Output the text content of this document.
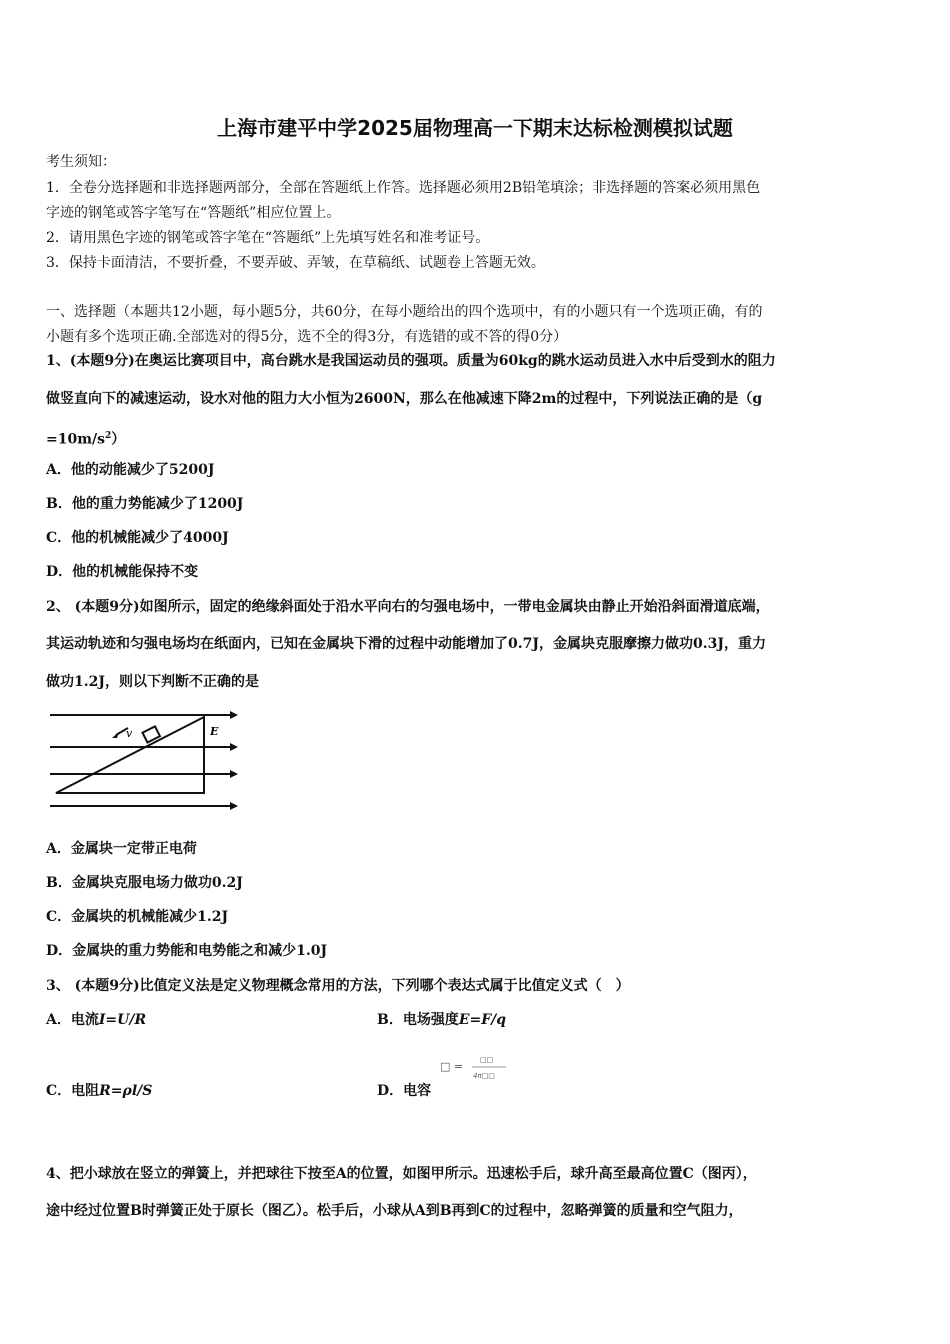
上海市建平中学2025届物理高一下期末达标检测模拟试题
考生须知：
1．全卷分选择题和非选择题两部分，全部在答题纸上作答。选择题必须用2B铅笔填涂；非选择题的答案必须用黑色
字迹的钢笔或答字笔写在“答题纸”相应位置上。
2．请用黑色字迹的钢笔或答字笔在“答题纸”上先填写姓名和准考证号。
3．保持卡面清洁，不要折叠，不要弄破、弄皱，在草稿纸、试题卷上答题无效。
一、选择题（本题共12小题，每小题5分，共60分，在每小题给出的四个选项中，有的小题只有一个选项正确，有的
小题有多个选项正确.全部选对的得5分，选不全的得3分，有选错的或不答的得0分）
1、(本题9分)在奥运比赛项目中，高台跳水是我国运动员的强项。质量为60kg的跳水运动员进入水中后受到水的阻力
做竖直向下的减速运动，设水对他的阻力大小恒为2600N，那么在他减速下降2m的过程中，下列说法正确的是（g
$=10m/s^2$）
A．他的动能减少了5200J
B．他的重力势能减少了1200J
C．他的机械能减少了4000J
D．他的机械能保持不变
2、 (本题9分)如图所示，固定的绝缘斜面处于沿水平向右的匀强电场中，一带电金属块由静止开始沿斜面滑道底端，
其运动轨迹和匀强电场均在纸面内，已知在金属块下滑的过程中动能增加了0.7J，金属块克服摩擦力做功0.3J，重力
做功1.2J，则以下判断不正确的是
v	E
A．金属块一定带正电荷
B．金属块克服电场力做功0.2J
C．金属块的机械能减少1.2J
D．金属块的重力势能和电势能之和减少1.0J
3、 (本题9分)比值定义法是定义物理概念常用的方法，下列哪个表达式属于比值定义式（　）
A．电流I=U/R	B．电场强度E=F/q
□ = □□
4π□□
C．电阻R=ρl/S	D．电容
4、把小球放在竖立的弹簧上，并把球往下按至A的位置，如图甲所示。迅速松手后，球升高至最高位置C（图丙），
途中经过位置B时弹簧正处于原长（图乙）。松手后，小球从A到B再到C的过程中，忽略弹簧的质量和空气阻力，
